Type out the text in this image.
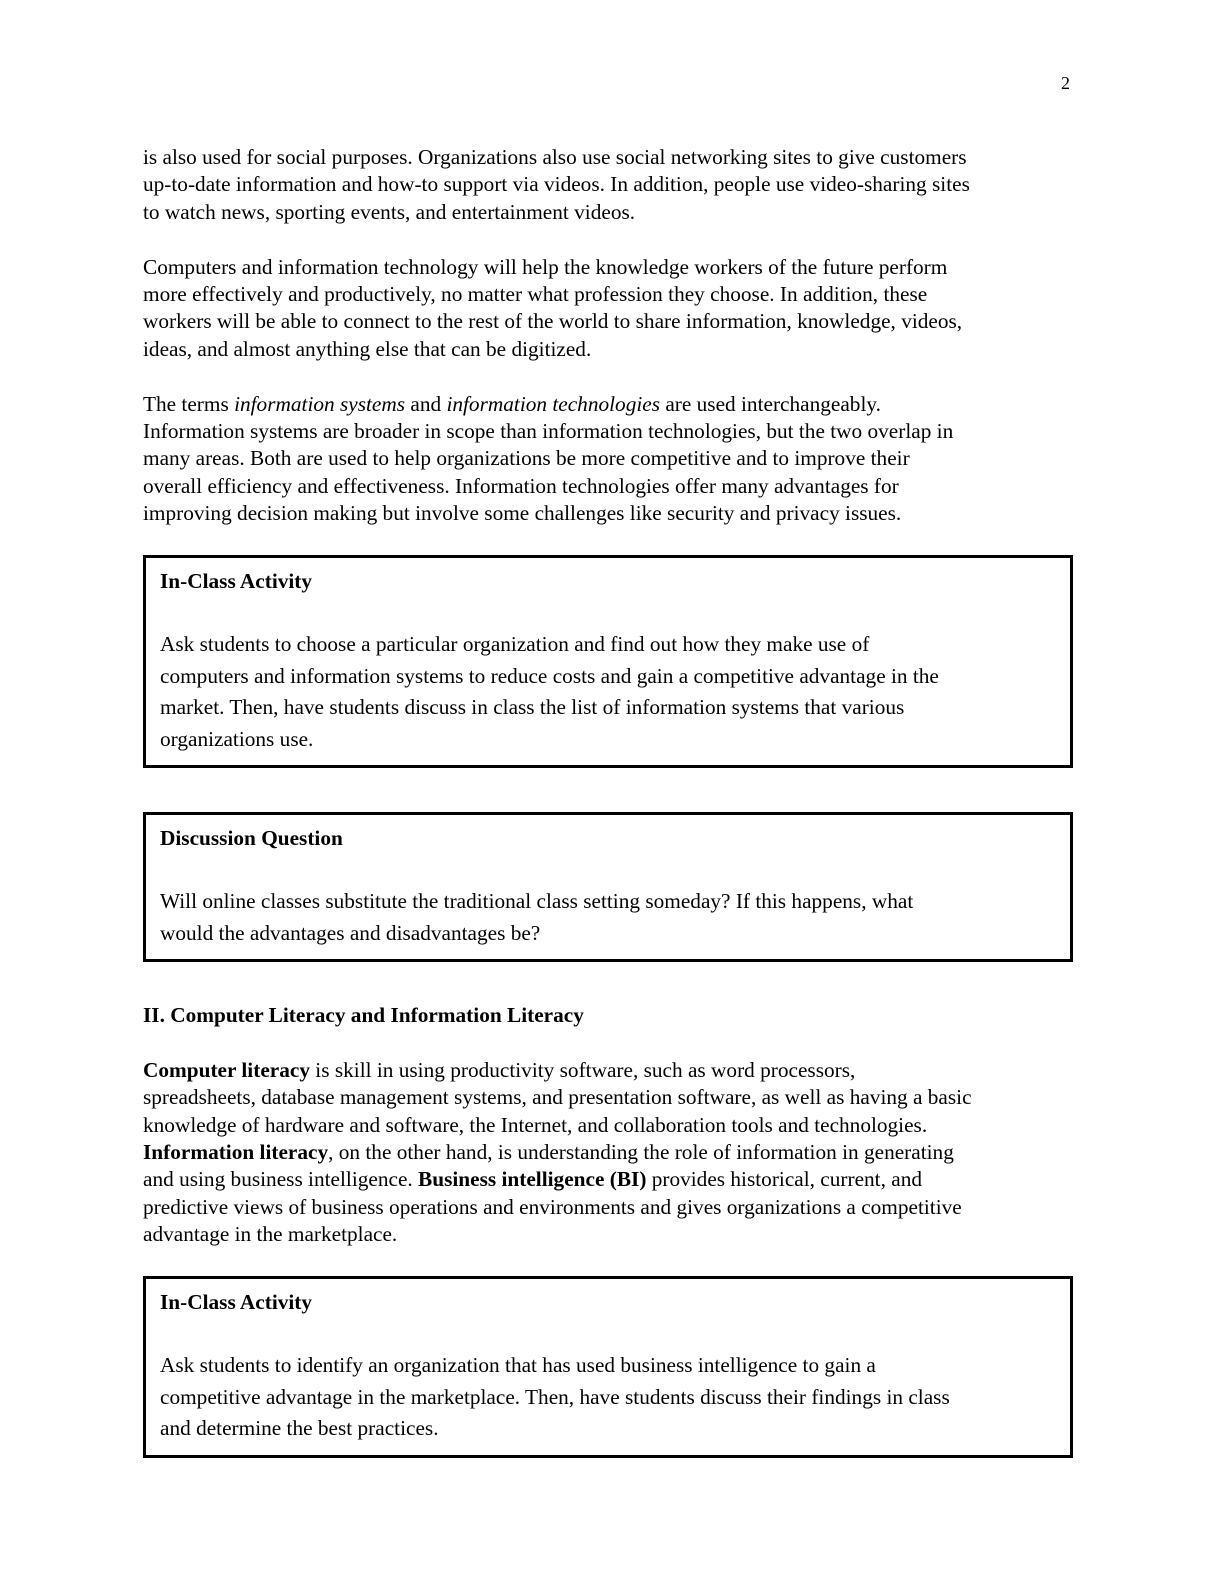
2

is also used for social purposes. Organizations also use social networking sites to give customers
up-to-date information and how-to support via videos. In addition, people use video-sharing sites
to watch news, sporting events, and entertainment videos.

Computers and information technology will help the knowledge workers of the future perform
more effectively and productively, no matter what profession they choose. In addition, these
workers will be able to connect to the rest of the world to share information, knowledge, videos,
ideas, and almost anything else that can be digitized.

The terms information systems and information technologies are used interchangeably.
Information systems are broader in scope than information technologies, but the two overlap in
many areas. Both are used to help organizations be more competitive and to improve their
overall efficiency and effectiveness. Information technologies offer many advantages for
improving decision making but involve some challenges like security and privacy issues.

In-Class Activity
Ask students to choose a particular organization and find out how they make use of
computers and information systems to reduce costs and gain a competitive advantage in the
market. Then, have students discuss in class the list of information systems that various
organizations use.
Discussion Question
Will online classes substitute the traditional class setting someday? If this happens, what
would the advantages and disadvantages be?
II. Computer Literacy and Information Literacy

Computer literacy is skill in using productivity software, such as word processors,
spreadsheets, database management systems, and presentation software, as well as having a basic
knowledge of hardware and software, the Internet, and collaboration tools and technologies.
Information literacy, on the other hand, is understanding the role of information in generating
and using business intelligence. Business intelligence (BI) provides historical, current, and
predictive views of business operations and environments and gives organizations a competitive
advantage in the marketplace.

In-Class Activity
Ask students to identify an organization that has used business intelligence to gain a
competitive advantage in the marketplace. Then, have students discuss their findings in class
and determine the best practices.
